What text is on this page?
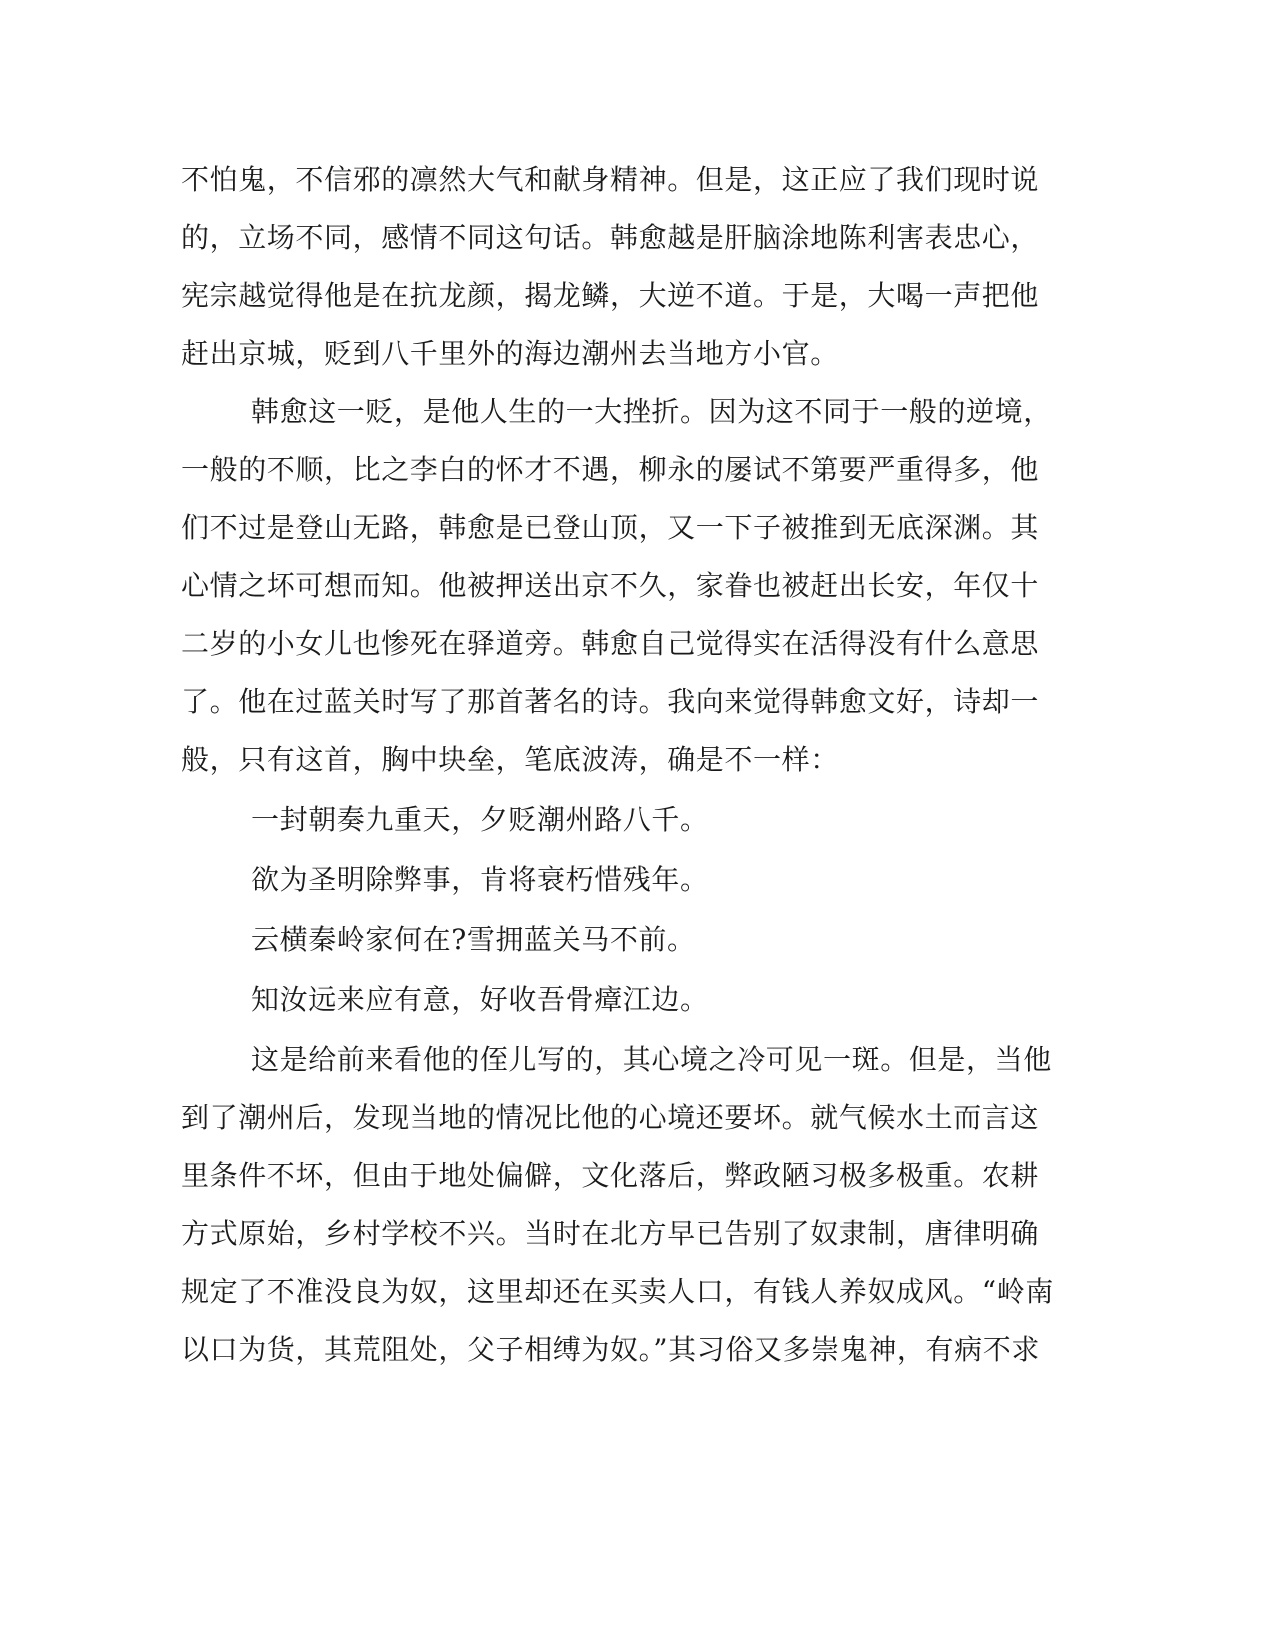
不怕鬼，不信邪的凛然大气和献身精神。但是，这正应了我们现时说
的，立场不同，感情不同这句话。韩愈越是肝脑涂地陈利害表忠心，
宪宗越觉得他是在抗龙颜，揭龙鳞，大逆不道。于是，大喝一声把他
赶出京城，贬到八千里外的海边潮州去当地方小官。
韩愈这一贬，是他人生的一大挫折。因为这不同于一般的逆境，
一般的不顺，比之李白的怀才不遇，柳永的屡试不第要严重得多，他
们不过是登山无路，韩愈是已登山顶，又一下子被推到无底深渊。其
心情之坏可想而知。他被押送出京不久，家眷也被赶出长安，年仅十
二岁的小女儿也惨死在驿道旁。韩愈自己觉得实在活得没有什么意思
了。他在过蓝关时写了那首著名的诗。我向来觉得韩愈文好，诗却一
般，只有这首，胸中块垒，笔底波涛，确是不一样：
一封朝奏九重天，夕贬潮州路八千。
欲为圣明除弊事，肯将衰朽惜残年。
云横秦岭家何在?雪拥蓝关马不前。
知汝远来应有意，好收吾骨瘴江边。
这是给前来看他的侄儿写的，其心境之冷可见一斑。但是，当他
到了潮州后，发现当地的情况比他的心境还要坏。就气候水土而言这
里条件不坏，但由于地处偏僻，文化落后，弊政陋习极多极重。农耕
方式原始，乡村学校不兴。当时在北方早已告别了奴隶制，唐律明确
规定了不准没良为奴，这里却还在买卖人口，有钱人养奴成风。“岭南
以口为货，其荒阻处，父子相缚为奴。”其习俗又多崇鬼神，有病不求
